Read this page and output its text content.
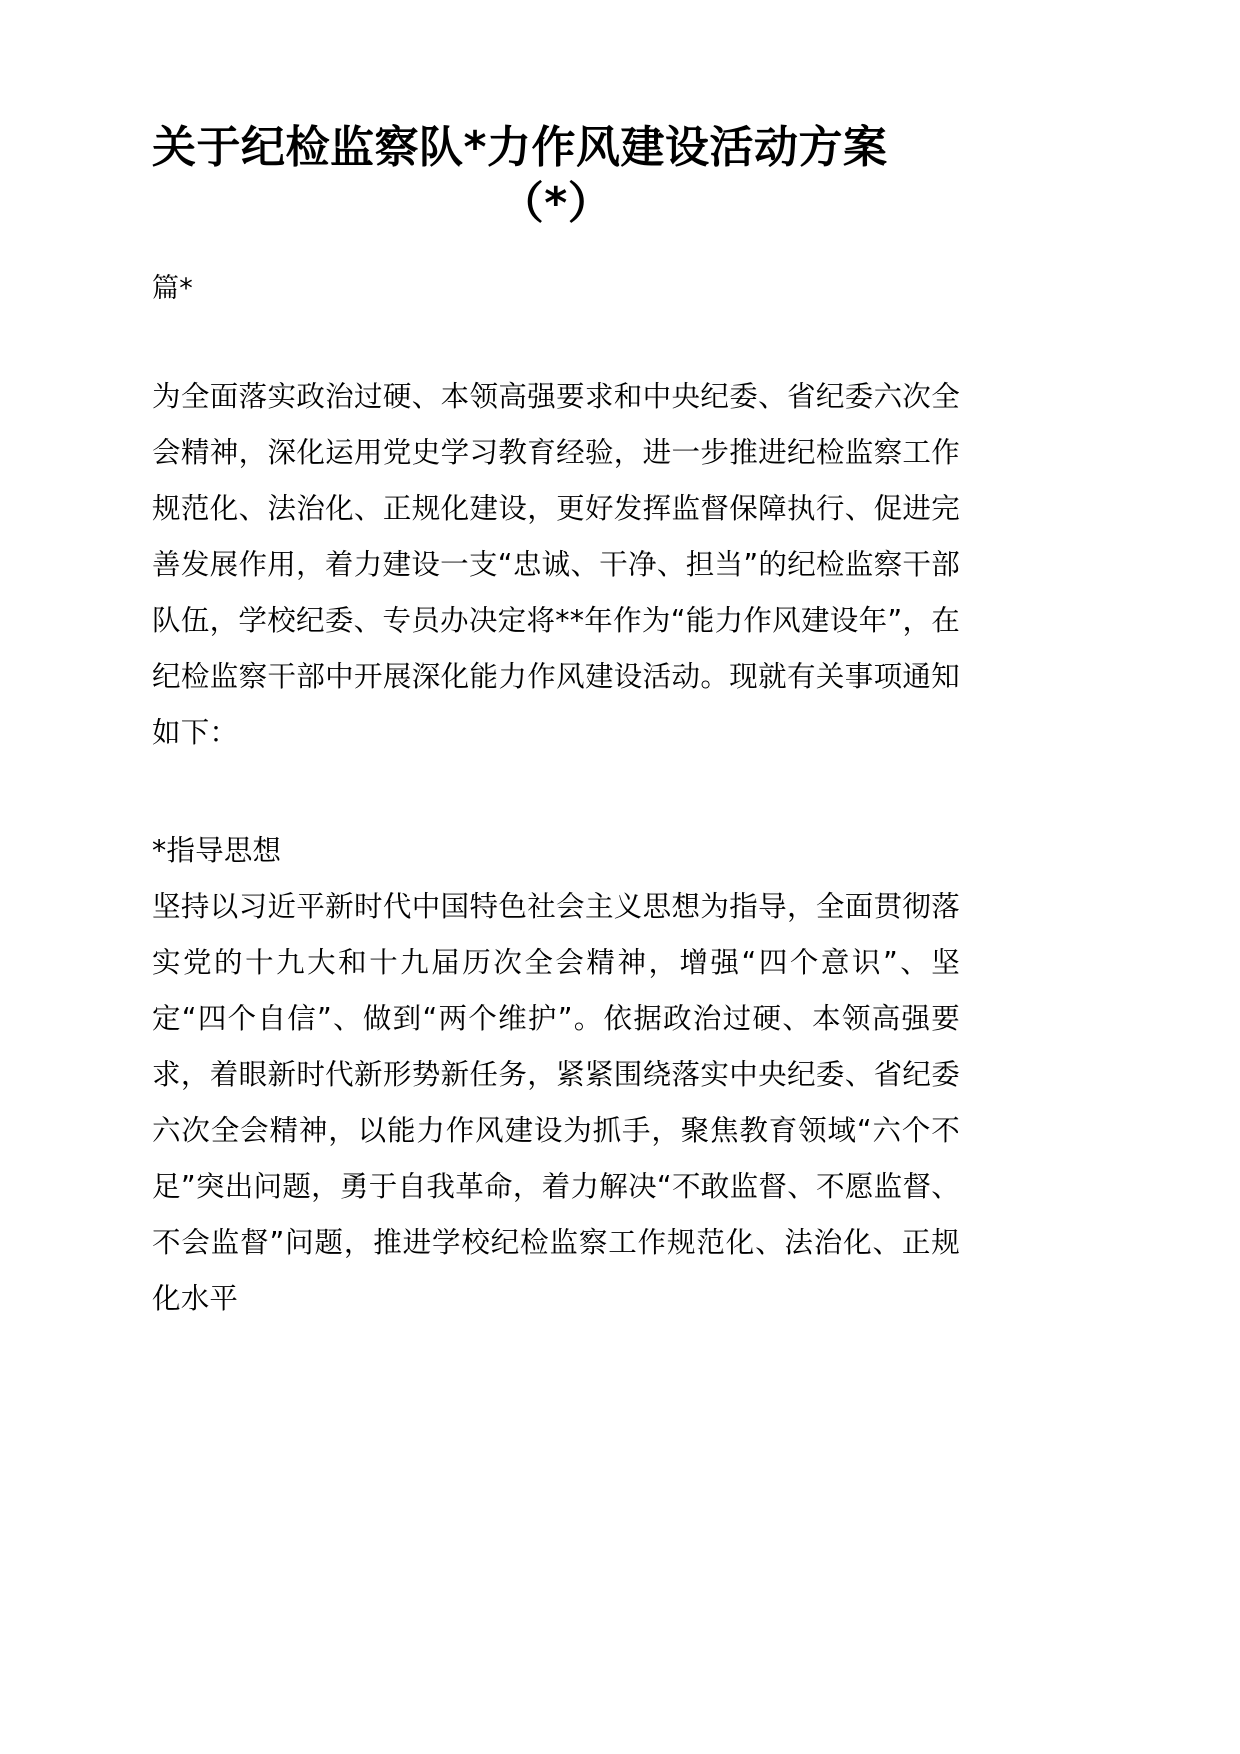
关于纪检监察队*力作风建设活动方案
（*）

篇*

为全面落实政治过硬、本领高强要求和中央纪委、省纪委六次全会精神，深化运用党史学习教育经验，进一步推进纪检监察工作规范化、法治化、正规化建设，更好发挥监督保障执行、促进完善发展作用，着力建设一支“忠诚、干净、担当”的纪检监察干部队伍，学校纪委、专员办决定将**年作为“能力作风建设年”，在纪检监察干部中开展深化能力作风建设活动。现就有关事项通知如下：

*指导思想

坚持以习近平新时代中国特色社会主义思想为指导，全面贯彻落实党的十九大和十九届历次全会精神，增强“四个意识”、坚定“四个自信”、做到“两个维护”。依据政治过硬、本领高强要求，着眼新时代新形势新任务，紧紧围绕落实中央纪委、省纪委六次全会精神，以能力作风建设为抓手，聚焦教育领域“六个不足”突出问题，勇于自我革命，着力解决“不敢监督、不愿监督、不会监督”问题，推进学校纪检监察工作规范化、法治化、正规化水平
